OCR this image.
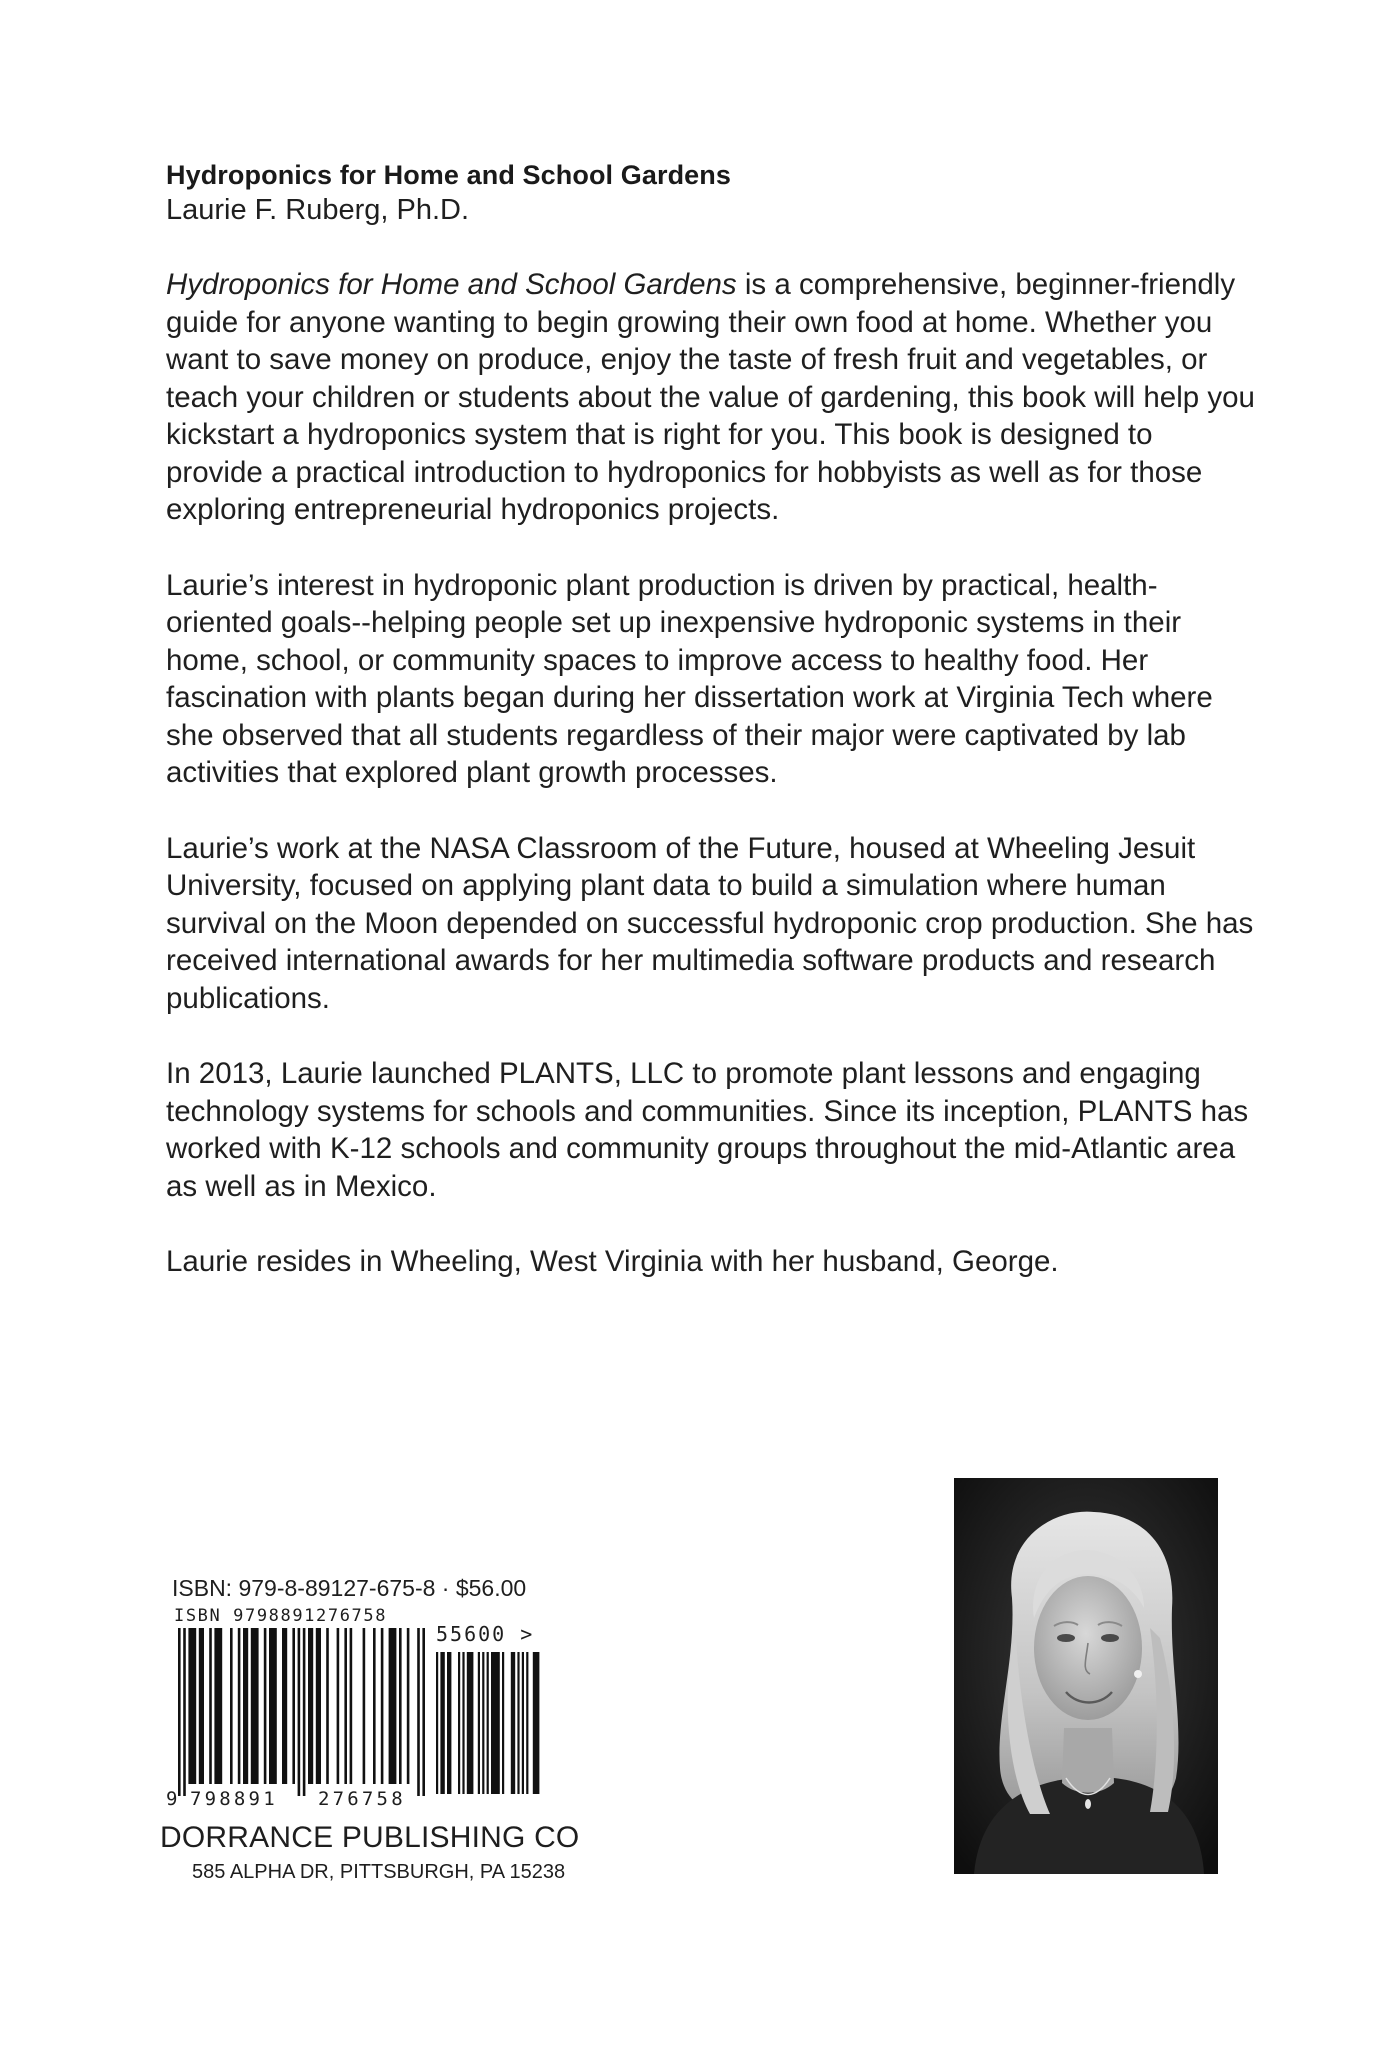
Hydroponics for Home and School Gardens

Laurie F. Ruberg, Ph.D.

Hydroponics for Home and School Gardens is a comprehensive, beginner-friendly guide for anyone wanting to begin growing their own food at home. Whether you want to save money on produce, enjoy the taste of fresh fruit and vegetables, or teach your children or students about the value of gardening, this book will help you kickstart a hydroponics system that is right for you. This book is designed to provide a practical introduction to hydroponics for hobbyists as well as for those exploring entrepreneurial hydroponics projects.

Laurie’s interest in hydroponic plant production is driven by practical, health-oriented goals--helping people set up inexpensive hydroponic systems in their home, school, or community spaces to improve access to healthy food. Her fascination with plants began during her dissertation work at Virginia Tech where she observed that all students regardless of their major were captivated by lab activities that explored plant growth processes.

Laurie’s work at the NASA Classroom of the Future, housed at Wheeling Jesuit University, focused on applying plant data to build a simulation where human survival on the Moon depended on successful hydroponic crop production. She has received international awards for her multimedia software products and research publications.

In 2013, Laurie launched PLANTS, LLC to promote plant lessons and engaging technology systems for schools and communities. Since its inception, PLANTS has worked with K-12 schools and community groups throughout the mid-Atlantic area as well as in Mexico.

Laurie resides in Wheeling, West Virginia with her husband, George.

ISBN: 979-8-89127-675-8 · $56.00
ISBN 9798891276758
55600 >
9 798891 276758
DORRANCE PUBLISHING CO
585 ALPHA DR, PITTSBURGH, PA 15238
